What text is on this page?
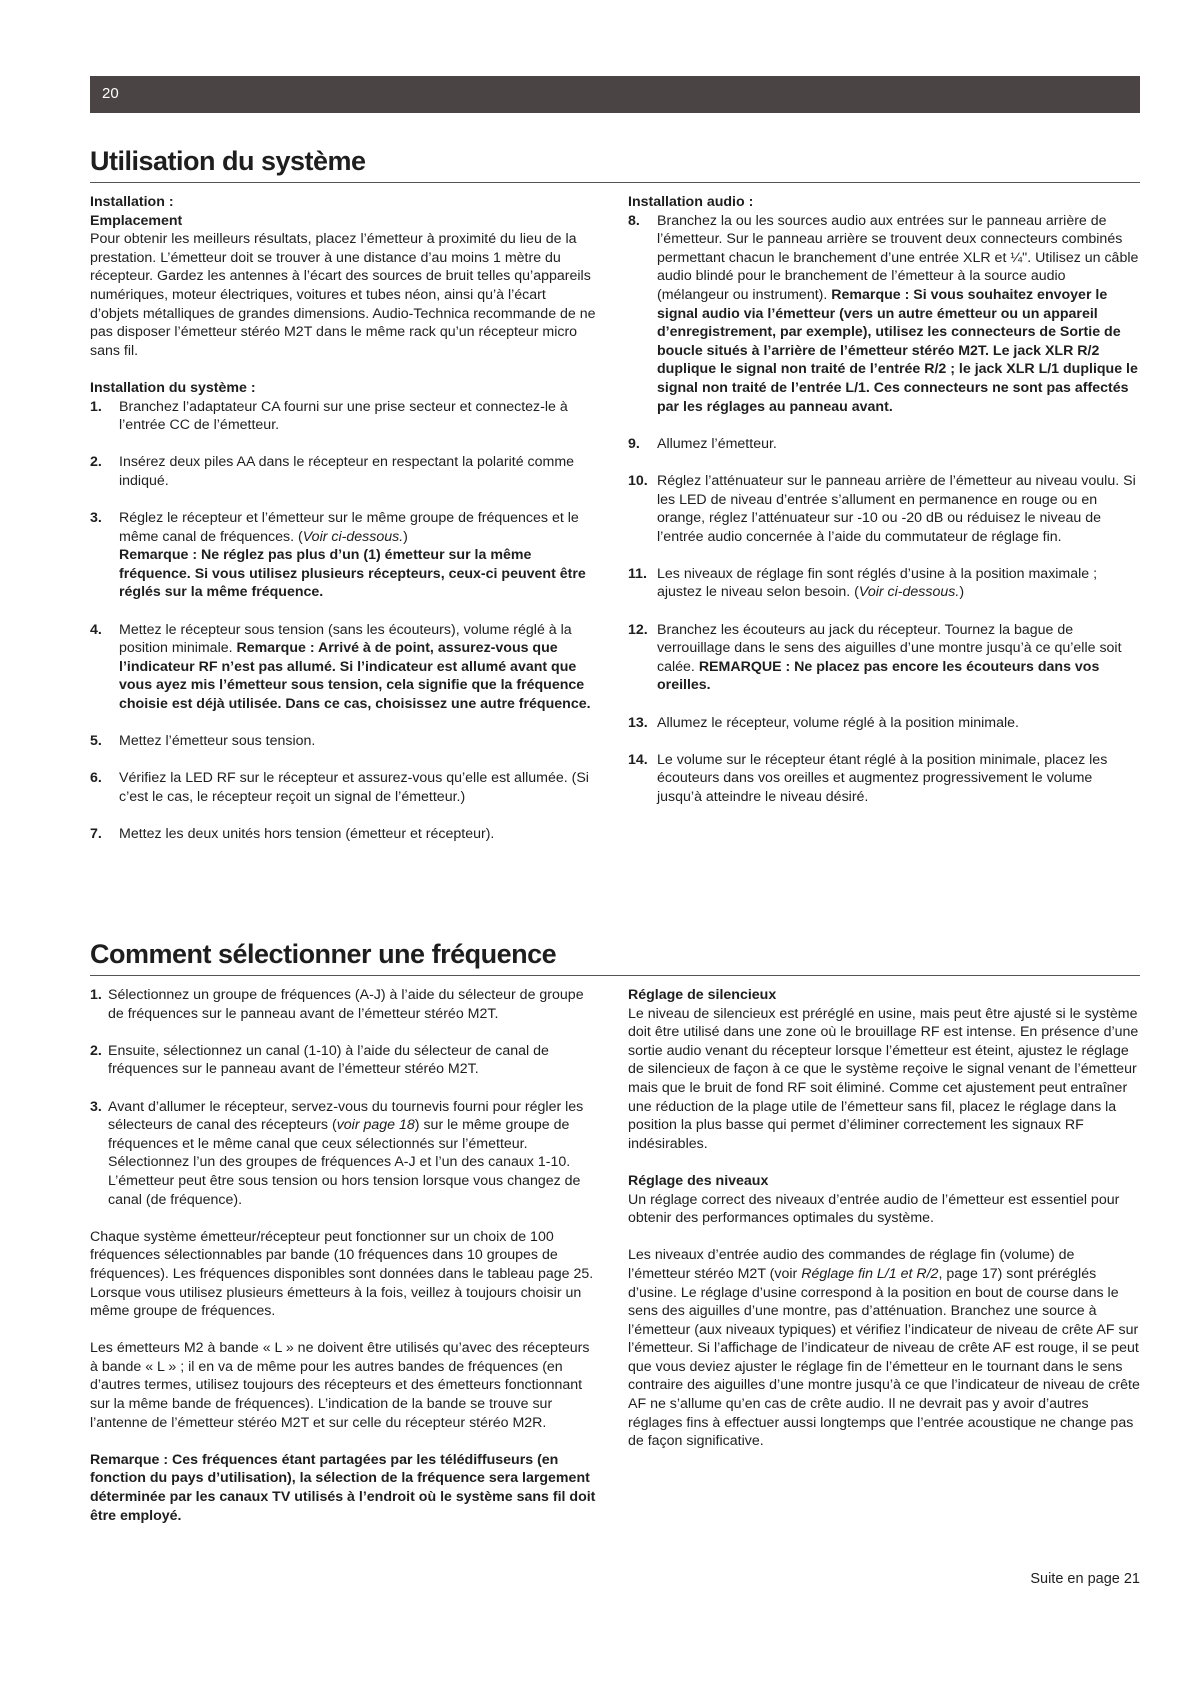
20
Utilisation du système

Installation :

Emplacement

Pour obtenir les meilleurs résultats, placez l’émetteur à proximité du lieu de la prestation. L’émetteur doit se trouver à une distance d’au moins 1 mètre du récepteur. Gardez les antennes à l’écart des sources de bruit telles qu’appareils numériques, moteur électriques, voitures et tubes néon, ainsi qu’à l’écart d’objets métalliques de grandes dimensions. Audio-Technica recommande de ne pas disposer l’émetteur stéréo M2T dans le même rack qu’un récepteur micro sans fil.

Installation du système :

1.	Branchez l’adaptateur CA fourni sur une prise secteur et connectez-le à l’entrée CC de l’émetteur.
2.	Insérez deux piles AA dans le récepteur en respectant la polarité comme indiqué.
3.	Réglez le récepteur et l’émetteur sur le même groupe de fréquences et le même canal de fréquences. (Voir ci-dessous.)
Remarque : Ne réglez pas plus d’un (1) émetteur sur la même fréquence. Si vous utilisez plusieurs récepteurs, ceux-ci peuvent être réglés sur la même fréquence.
4.	Mettez le récepteur sous tension (sans les écouteurs), volume réglé à la position minimale. Remarque : Arrivé à de point, assurez-vous que l’indicateur RF n’est pas allumé. Si l’indicateur est allumé avant que vous ayez mis l’émetteur sous tension, cela signifie que la fréquence choisie est déjà utilisée. Dans ce cas, choisissez une autre fréquence.
5.	Mettez l’émetteur sous tension.
6.	Vérifiez la LED RF sur le récepteur et assurez-vous qu’elle est allumée. (Si c’est le cas, le récepteur reçoit un signal de l’émetteur.)
7.	Mettez les deux unités hors tension (émetteur et récepteur).

Installation audio :

8.	Branchez la ou les sources audio aux entrées sur le panneau arrière de l’émetteur. Sur le panneau arrière se trouvent deux connecteurs combinés permettant chacun le branchement d’une entrée XLR et ¼". Utilisez un câble audio blindé pour le branchement de l’émetteur à la source audio (mélangeur ou instrument). Remarque : Si vous souhaitez envoyer le signal audio via l’émetteur (vers un autre émetteur ou un appareil d’enregistrement, par exemple), utilisez les connecteurs de Sortie de boucle situés à l’arrière de l’émetteur stéréo M2T. Le jack XLR R/2 duplique le signal non traité de l’entrée R/2 ; le jack XLR L/1 duplique le signal non traité de l’entrée L/1. Ces connecteurs ne sont pas affectés par les réglages au panneau avant.
9.	Allumez l’émetteur.
10. Réglez l’atténuateur sur le panneau arrière de l’émetteur au niveau voulu. Si les LED de niveau d’entrée s’allument en permanence en rouge ou en orange, réglez l’atténuateur sur -10 ou -20 dB ou réduisez le niveau de l’entrée audio concernée à l’aide du commutateur de réglage fin.
11. Les niveaux de réglage fin sont réglés d’usine à la position maximale ; ajustez le niveau selon besoin. (Voir ci-dessous.)
12. Branchez les écouteurs au jack du récepteur. Tournez la bague de verrouillage dans le sens des aiguilles d’une montre jusqu’à ce qu’elle soit calée. REMARQUE : Ne placez pas encore les écouteurs dans vos oreilles.
13. Allumez le récepteur, volume réglé à la position minimale.
14. Le volume sur le récepteur étant réglé à la position minimale, placez les écouteurs dans vos oreilles et augmentez progressivement le volume jusqu’à atteindre le niveau désiré.
Comment sélectionner une fréquence
1. Sélectionnez un groupe de fréquences (A-J) à l’aide du sélecteur de groupe de fréquences sur le panneau avant de l’émetteur stéréo M2T.
2. Ensuite, sélectionnez un canal (1-10) à l’aide du sélecteur de canal de fréquences sur le panneau avant de l’émetteur stéréo M2T.
3. Avant d’allumer le récepteur, servez-vous du tournevis fourni pour régler les sélecteurs de canal des récepteurs (voir page 18) sur le même groupe de fréquences et le même canal que ceux sélectionnés sur l’émetteur. Sélectionnez l’un des groupes de fréquences A-J et l’un des canaux 1-10. L’émetteur peut être sous tension ou hors tension lorsque vous changez de canal (de fréquence).

Chaque système émetteur/récepteur peut fonctionner sur un choix de 100 fréquences sélectionnables par bande (10 fréquences dans 10 groupes de fréquences). Les fréquences disponibles sont données dans le tableau page 25. Lorsque vous utilisez plusieurs émetteurs à la fois, veillez à toujours choisir un même groupe de fréquences.

Les émetteurs M2 à bande « L » ne doivent être utilisés qu’avec des récepteurs à bande « L » ; il en va de même pour les autres bandes de fréquences (en d’autres termes, utilisez toujours des récepteurs et des émetteurs fonctionnant sur la même bande de fréquences). L’indication de la bande se trouve sur l’antenne de l’émetteur stéréo M2T et sur celle du récepteur stéréo M2R.

Remarque : Ces fréquences étant partagées par les télédiffuseurs (en fonction du pays d’utilisation), la sélection de la fréquence sera largement déterminée par les canaux TV utilisés à l’endroit où le système sans fil doit être employé.

Réglage de silencieux

Le niveau de silencieux est préréglé en usine, mais peut être ajusté si le système doit être utilisé dans une zone où le brouillage RF est intense. En présence d’une sortie audio venant du récepteur lorsque l’émetteur est éteint, ajustez le réglage de silencieux de façon à ce que le système reçoive le signal venant de l’émetteur mais que le bruit de fond RF soit éliminé. Comme cet ajustement peut entraîner une réduction de la plage utile de l’émetteur sans fil, placez le réglage dans la position la plus basse qui permet d’éliminer correctement les signaux RF indésirables.

Réglage des niveaux

Un réglage correct des niveaux d’entrée audio de l’émetteur est essentiel pour obtenir des performances optimales du système.

Les niveaux d’entrée audio des commandes de réglage fin (volume) de l’émetteur stéréo M2T (voir Réglage fin L/1 et R/2, page 17) sont préréglés d’usine. Le réglage d’usine correspond à la position en bout de course dans le sens des aiguilles d’une montre, pas d’atténuation. Branchez une source à l’émetteur (aux niveaux typiques) et vérifiez l’indicateur de niveau de crête AF sur l’émetteur. Si l’affichage de l’indicateur de niveau de crête AF est rouge, il se peut que vous deviez ajuster le réglage fin de l’émetteur en le tournant dans le sens contraire des aiguilles d’une montre jusqu’à ce que l’indicateur de niveau de crête AF ne s’allume qu’en cas de crête audio. Il ne devrait pas y avoir d’autres réglages fins à effectuer aussi longtemps que l’entrée acoustique ne change pas de façon significative.

Suite en page 21
